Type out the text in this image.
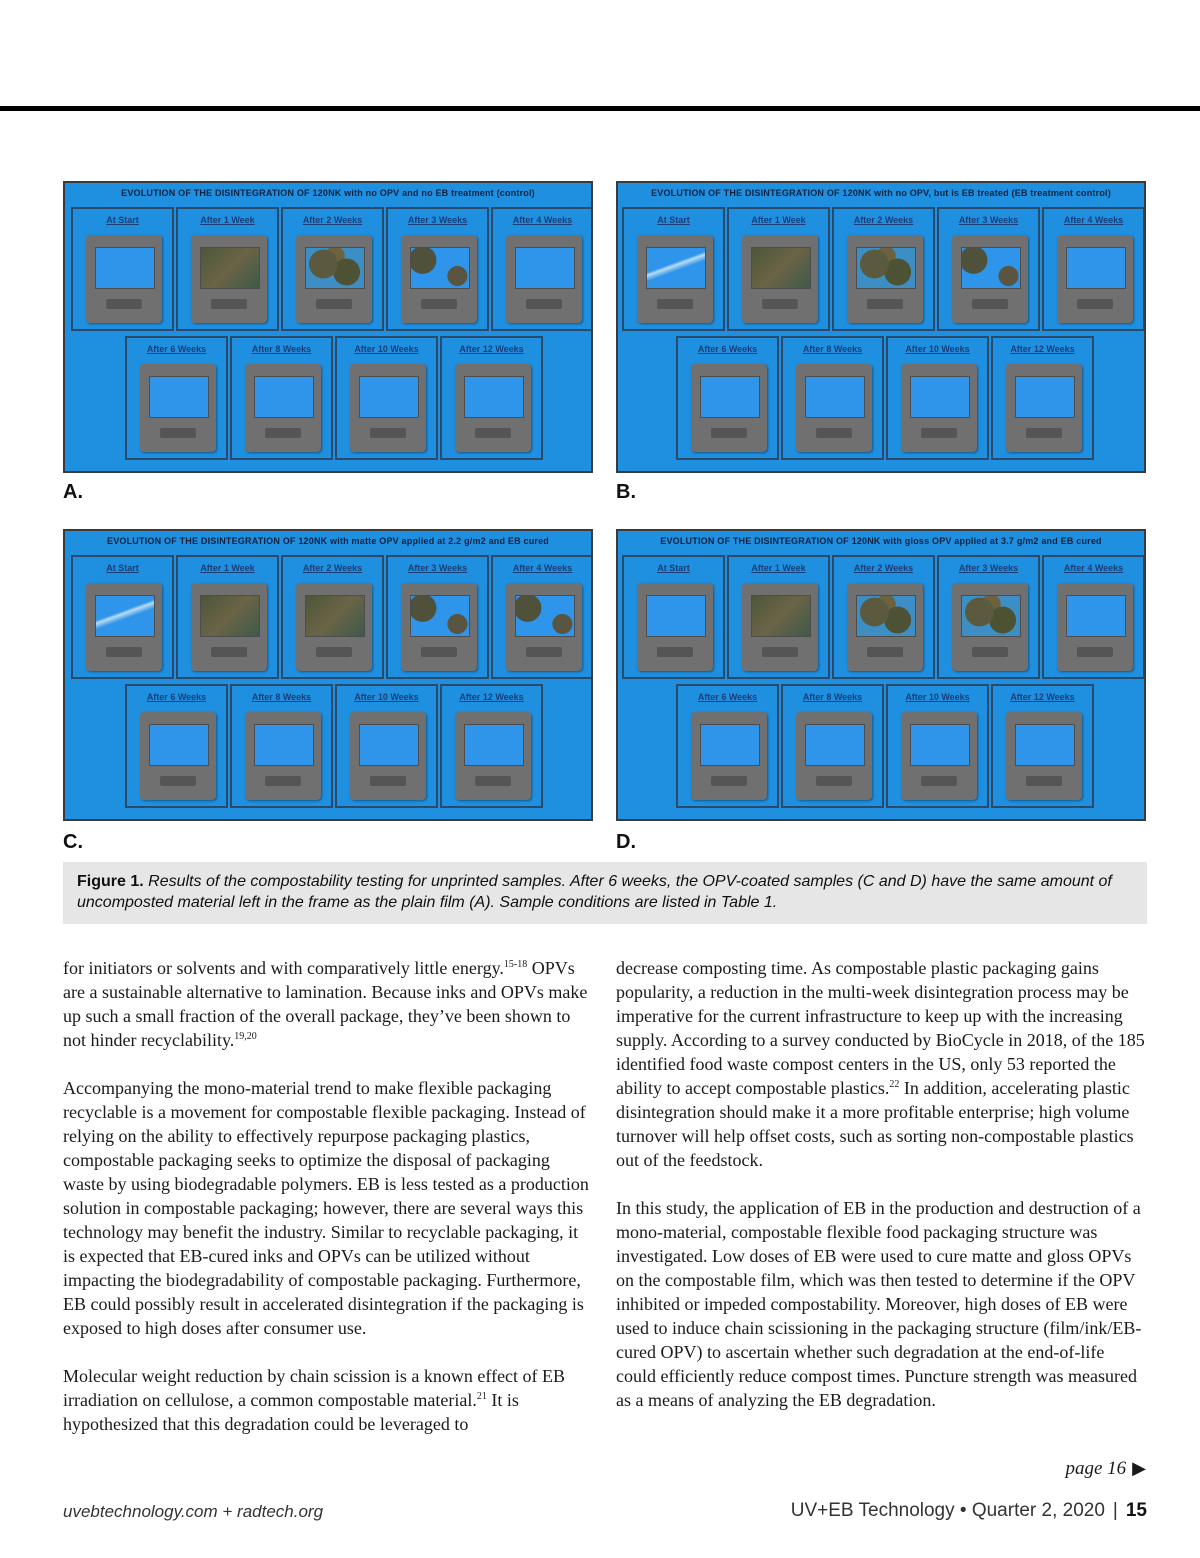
EVOLUTION OF THE DISINTEGRATION OF 120NK with no OPV and no EB treatment (control)
At Start	After 1 Week	After 2 Weeks	After 3 Weeks	After 4 Weeks
After 6 Weeks	After 8 Weeks	After 10 Weeks	After 12 Weeks
A.
EVOLUTION OF THE DISINTEGRATION OF 120NK with no OPV, but is EB treated (EB treatment control)
At Start	After 1 Week	After 2 Weeks	After 3 Weeks	After 4 Weeks
After 6 Weeks	After 8 Weeks	After 10 Weeks	After 12 Weeks
B.
EVOLUTION OF THE DISINTEGRATION OF 120NK with matte OPV applied at 2.2 g/m2 and EB cured
At Start	After 1 Week	After 2 Weeks	After 3 Weeks	After 4 Weeks
After 6 Weeks	After 8 Weeks	After 10 Weeks	After 12 Weeks
C.
EVOLUTION OF THE DISINTEGRATION OF 120NK with gloss OPV applied at 3.7 g/m2 and EB cured
At Start	After 1 Week	After 2 Weeks	After 3 Weeks	After 4 Weeks
After 6 Weeks	After 8 Weeks	After 10 Weeks	After 12 Weeks
D.
Figure 1. Results of the compostability testing for unprinted samples. After 6 weeks, the OPV-coated samples (C and D) have the same amount of uncomposted material left in the frame as the plain film (A). Sample conditions are listed in Table 1.

for initiators or solvents and with comparatively little energy.$^{15-18}$ OPVs are a sustainable alternative to lamination. Because inks and OPVs make up such a small fraction of the overall package, they’ve been shown to not hinder recyclability.$^{19,20}$

Accompanying the mono-material trend to make flexible packaging recyclable is a movement for compostable flexible packaging. Instead of relying on the ability to effectively repurpose packaging plastics, compostable packaging seeks to optimize the disposal of packaging waste by using biodegradable polymers. EB is less tested as a production solution in compostable packaging; however, there are several ways this technology may benefit the industry. Similar to recyclable packaging, it is expected that EB-cured inks and OPVs can be utilized without impacting the biodegradability of compostable packaging. Furthermore, EB could possibly result in accelerated disintegration if the packaging is exposed to high doses after consumer use.

Molecular weight reduction by chain scission is a known effect of EB irradiation on cellulose, a common compostable material.$^{21}$ It is hypothesized that this degradation could be leveraged to

decrease composting time. As compostable plastic packaging gains popularity, a reduction in the multi-week disintegration process may be imperative for the current infrastructure to keep up with the increasing supply. According to a survey conducted by BioCycle in 2018, of the 185 identified food waste compost centers in the US, only 53 reported the ability to accept compostable plastics.$^{22}$ In addition, accelerating plastic disintegration should make it a more profitable enterprise; high volume turnover will help offset costs, such as sorting non-compostable plastics out of the feedstock.

In this study, the application of EB in the production and destruction of a mono-material, compostable flexible food packaging structure was investigated. Low doses of EB were used to cure matte and gloss OPVs on the compostable film, which was then tested to determine if the OPV inhibited or impeded compostability. Moreover, high doses of EB were used to induce chain scissioning in the packaging structure (film/ink/EB-cured OPV) to ascertain whether such degradation at the end-of-life could efficiently reduce compost times. Puncture strength was measured as a means of analyzing the EB degradation.

page 16 ▶
uvebtechnology.com + radtech.org	UV+EB Technology • Quarter 2, 2020 | 15
